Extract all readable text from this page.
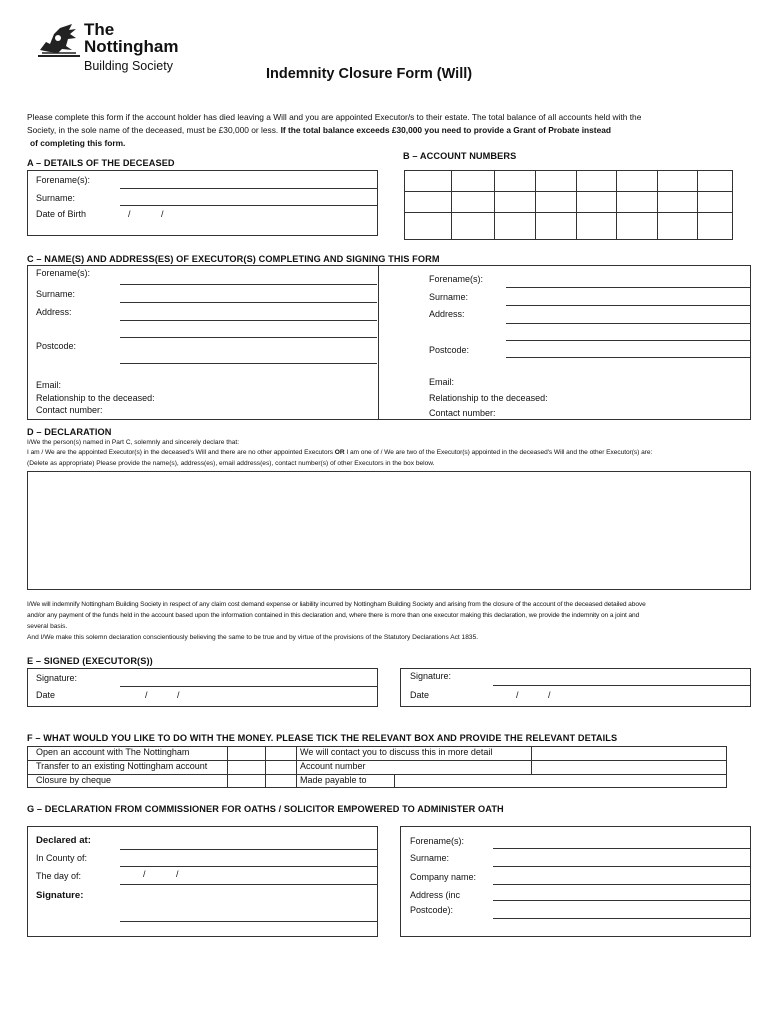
The
Nottingham
Building Society	Indemnity Closure Form (Will)
Please complete this form if the account holder has died leaving a Will and you are appointed Executor/s to their estate. The total balance of all accounts held with the
Society, in the sole name of the deceased, must be £30,000 or less. If the total balance exceeds £30,000 you need to provide a Grant of Probate instead
of completing this form.
A – DETAILS OF THE DECEASED
Forename(s):
Surname:
Date of Birth	/	/
B – ACCOUNT NUMBERS
C – NAME(S) AND ADDRESS(ES) OF EXECUTOR(S) COMPLETING AND SIGNING THIS FORM
Forename(s):
Surname:
Address:
Postcode:
Email:
Relationship to the deceased:
Contact number:
Forename(s):
Surname:
Address:
Postcode:
Email:
Relationship to the deceased:
Contact number:
D – DECLARATION
I/We the person(s) named in Part C, solemnly and sincerely declare that:
I am / We are the appointed Executor(s) in the deceased's Will and there are no other appointed Executors OR I am one of / We are two of the Executor(s) appointed in the deceased's Will and the other Executor(s) are:
(Delete as appropriate) Please provide the name(s), address(es), email address(es), contact number(s) of other Executors in the box below.
I/We will indemnify Nottingham Building Society in respect of any claim cost demand expense or liability incurred by Nottingham Building Society and arising from the closure of the account of the deceased detailed above
and/or any payment of the funds held in the account based upon the information contained in this declaration and, where there is more than one executor making this declaration, we provide the indemnity on a joint and
several basis.
And I/We make this solemn declaration conscientiously believing the same to be true and by virtue of the provisions of the Statutory Declarations Act 1835.
E – SIGNED (EXECUTOR(S))
Signature:
Date	/	/
Signature:
Date	/	/
F – WHAT WOULD YOU LIKE TO DO WITH THE MONEY. PLEASE TICK THE RELEVANT BOX AND PROVIDE THE RELEVANT DETAILS
Open an account with The Nottingham	We will contact you to discuss this in more detail
Transfer to an existing Nottingham account	Account number
Closure by cheque	Made payable to
G – DECLARATION FROM COMMISSIONER FOR OATHS / SOLICITOR EMPOWERED TO ADMINISTER OATH
Declared at:
In County of:
The day of:	/	/
Signature:
Forename(s):
Surname:
Company name:
Address (inc
Postcode):
